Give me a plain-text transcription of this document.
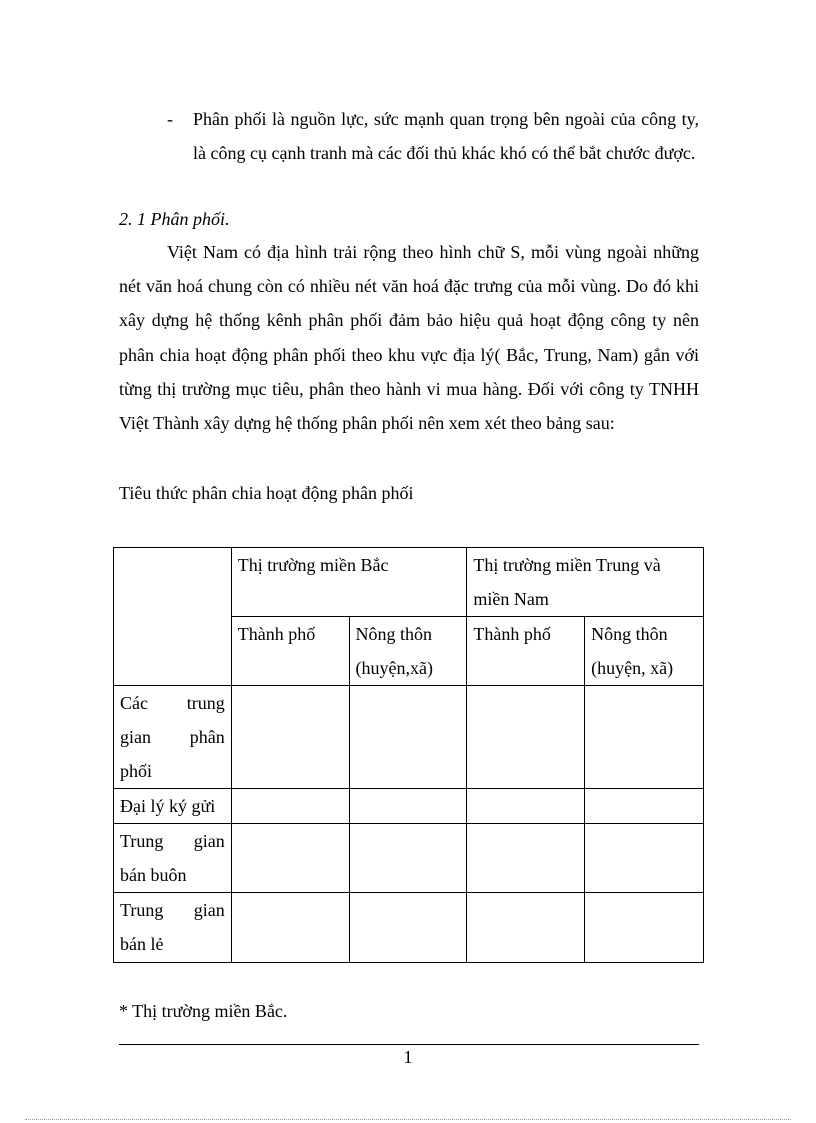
- Phân phối là nguồn lực, sức mạnh quan trọng bên ngoài của công ty, là công cụ cạnh tranh mà các đối thủ khác khó có thể bắt chước được.
2. 1 Phân phối.
Việt Nam có địa hình trải rộng theo hình chữ S, mỗi vùng ngoài những nét văn hoá chung còn có nhiều nét văn hoá đặc trưng của mỗi vùng. Do đó khi xây dựng hệ thống kênh phân phối đảm bảo hiệu quả hoạt động công ty nên phân chia hoạt động phân phối theo khu vực địa lý( Bắc, Trung, Nam) gắn với từng thị trường mục tiêu, phân theo hành vi mua hàng. Đối với công ty TNHH Việt Thành xây dựng hệ thống phân phối nên xem xét theo bảng sau:
Tiêu thức phân chia hoạt động phân phối
	Thị trường miền Bắc		Thị trường miền Trung và miền Nam	
	Thành phố	Nông thôn (huyện,xã)	Thành phố	Nông thôn (huyện, xã)
Các trung gian phân phối				
Đại lý ký gửi				
Trung gian bán buôn				
Trung gian bán lẻ				
* Thị trường miền Bắc.
1
